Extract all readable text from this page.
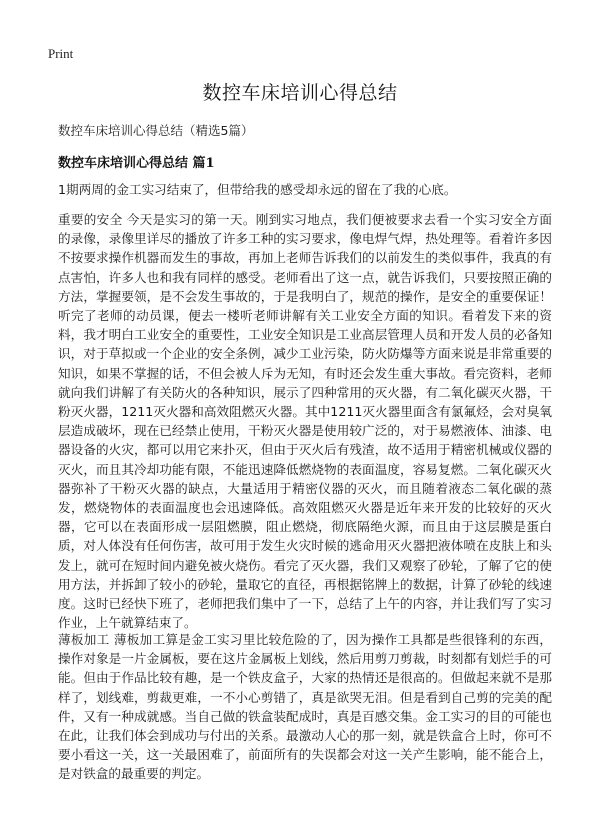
Print
数控车床培训心得总结
数控车床培训心得总结（精选5篇）
数控车床培训心得总结 篇1

1期两周的金工实习结束了，但带给我的感受却永远的留在了我的心底。

重要的安全 今天是实习的第一天。刚到实习地点，我们便被要求去看一个实习安全方面的录像，录像里详尽的播放了许多工种的实习要求，像电焊气焊，热处理等。看着许多因不按要求操作机器而发生的事故，再加上老师告诉我们的以前发生的类似事件，我真的有点害怕，许多人也和我有同样的感受。老师看出了这一点，就告诉我们，只要按照正确的方法，掌握要领，是不会发生事故的，于是我明白了，规范的操作，是安全的重要保证！听完了老师的动员课，便去一楼听老师讲解有关工业安全方面的知识。看着发下来的资料，我才明白工业安全的重要性，工业安全知识是工业高层管理人员和开发人员的必备知识，对于草拟或一个企业的安全条例，减少工业污染，防火防爆等方面来说是非常重要的知识，如果不掌握的话，不但会被人斥为无知，有时还会发生重大事故。看完资料，老师就向我们讲解了有关防火的各种知识，展示了四种常用的灭火器，有二氧化碳灭火器，干粉灭火器，1211灭火器和高效阻燃灭火器。其中1211灭火器里面含有氯氟烃，会对臭氧层造成破坏，现在已经禁止使用，干粉灭火器是使用较广泛的，对于易燃液体、油漆、电器设备的火灾，都可以用它来扑灭，但由于灭火后有残渣，故不适用于精密机械或仪器的灭火，而且其冷却功能有限，不能迅速降低燃烧物的表面温度，容易复燃。二氧化碳灭火器弥补了干粉灭火器的缺点，大量适用于精密仪器的灭火，而且随着液态二氧化碳的蒸发，燃烧物体的表面温度也会迅速降低。高效阻燃灭火器是近年来开发的比较好的灭火器，它可以在表面形成一层阻燃膜，阻止燃烧，彻底隔绝火源，而且由于这层膜是蛋白质，对人体没有任何伤害，故可用于发生火灾时候的逃命用灭火器把液体喷在皮肤上和头发上，就可在短时间内避免被火烧伤。看完了灭火器，我们又观察了砂轮，了解了它的使用方法，并拆卸了较小的砂轮，量取它的直径，再根据铭牌上的数据，计算了砂轮的线速度。这时已经快下班了，老师把我们集中了一下，总结了上午的内容，并让我们写了实习作业，上午就算结束了。

薄板加工 薄板加工算是金工实习里比较危险的了，因为操作工具都是些很锋利的东西，操作对象是一片金属板，要在这片金属板上划线，然后用剪刀剪裁，时刻都有划烂手的可能。但由于作品比较有趣，是一个铁皮盒子，大家的热情还是很高的。但做起来就不是那样了，划线难，剪裁更难，一不小心剪错了，真是欲哭无泪。但是看到自己剪的完美的配件，又有一种成就感。当自己做的铁盒装配成时，真是百感交集。金工实习的目的可能也在此，让我们体会到成功与付出的关系。最激动人心的那一刻，就是铁盒合上时，你可不要小看这一关，这一关最困难了，前面所有的失误都会对这一关产生影响，能不能合上，是对铁盒的最重要的判定。
